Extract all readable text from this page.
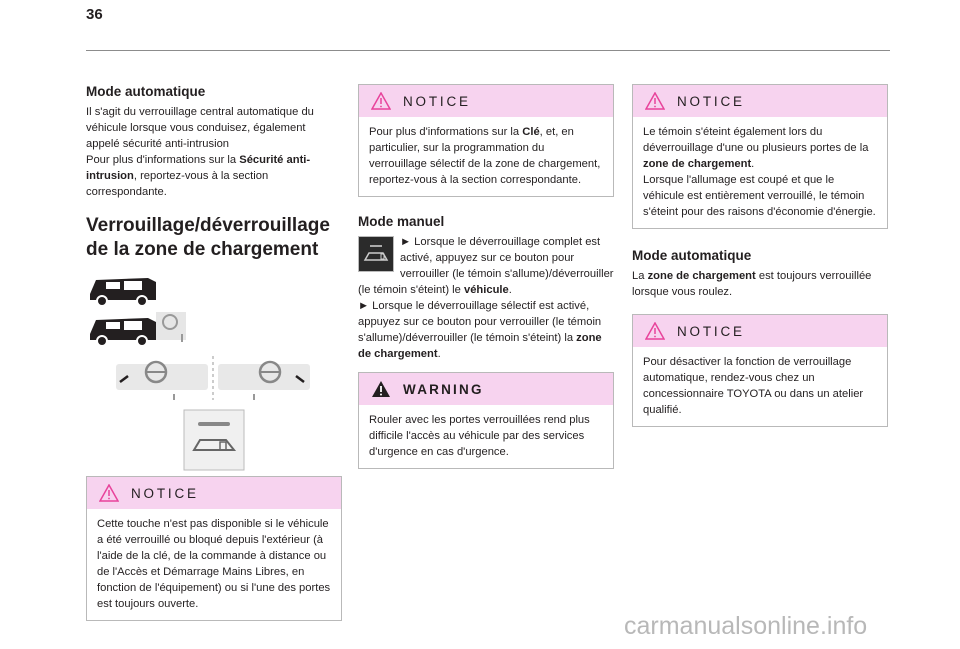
36
Mode automatique

Il s'agit du verrouillage central automatique du véhicule lorsque vous conduisez, également appelé sécurité anti-intrusion

Pour plus d'informations sur la Sécurité anti-intrusion, reportez-vous à la section correspondante.

Verrouillage/déverrouillage
de la zone de chargement
NOTICE

Cette touche n'est pas disponible si le véhicule a été verrouillé ou bloqué depuis l'extérieur (à l'aide de la clé, de la commande à distance ou de l'Accès et Démarrage Mains Libres, en fonction de l'équipement) ou si l'une des portes est toujours ouverte.

NOTICE

Pour plus d'informations sur la Clé, et, en particulier, sur la programmation du verrouillage sélectif de la zone de chargement, reportez-vous à la section correspondante.

Mode manuel

► Lorsque le déverrouillage complet est activé, appuyez sur ce bouton pour verrouiller (le témoin s'allume)/déverrouiller (le témoin s'éteint) le véhicule.

► Lorsque le déverrouillage sélectif est activé, appuyez sur ce bouton pour verrouiller (le témoin s'allume)/déverrouiller (le témoin s'éteint) la zone de chargement.

WARNING

Rouler avec les portes verrouillées rend plus difficile l'accès au véhicule par des services d'urgence en cas d'urgence.

NOTICE

Le témoin s'éteint également lors du déverrouillage d'une ou plusieurs portes de la zone de chargement.

Lorsque l'allumage est coupé et que le véhicule est entièrement verrouillé, le témoin s'éteint pour des raisons d'économie d'énergie.

Mode automatique

La zone de chargement est toujours verrouillée lorsque vous roulez.

NOTICE

Pour désactiver la fonction de verrouillage automatique, rendez-vous chez un concessionnaire TOYOTA ou dans un atelier qualifié.

carmanualsonline.info
